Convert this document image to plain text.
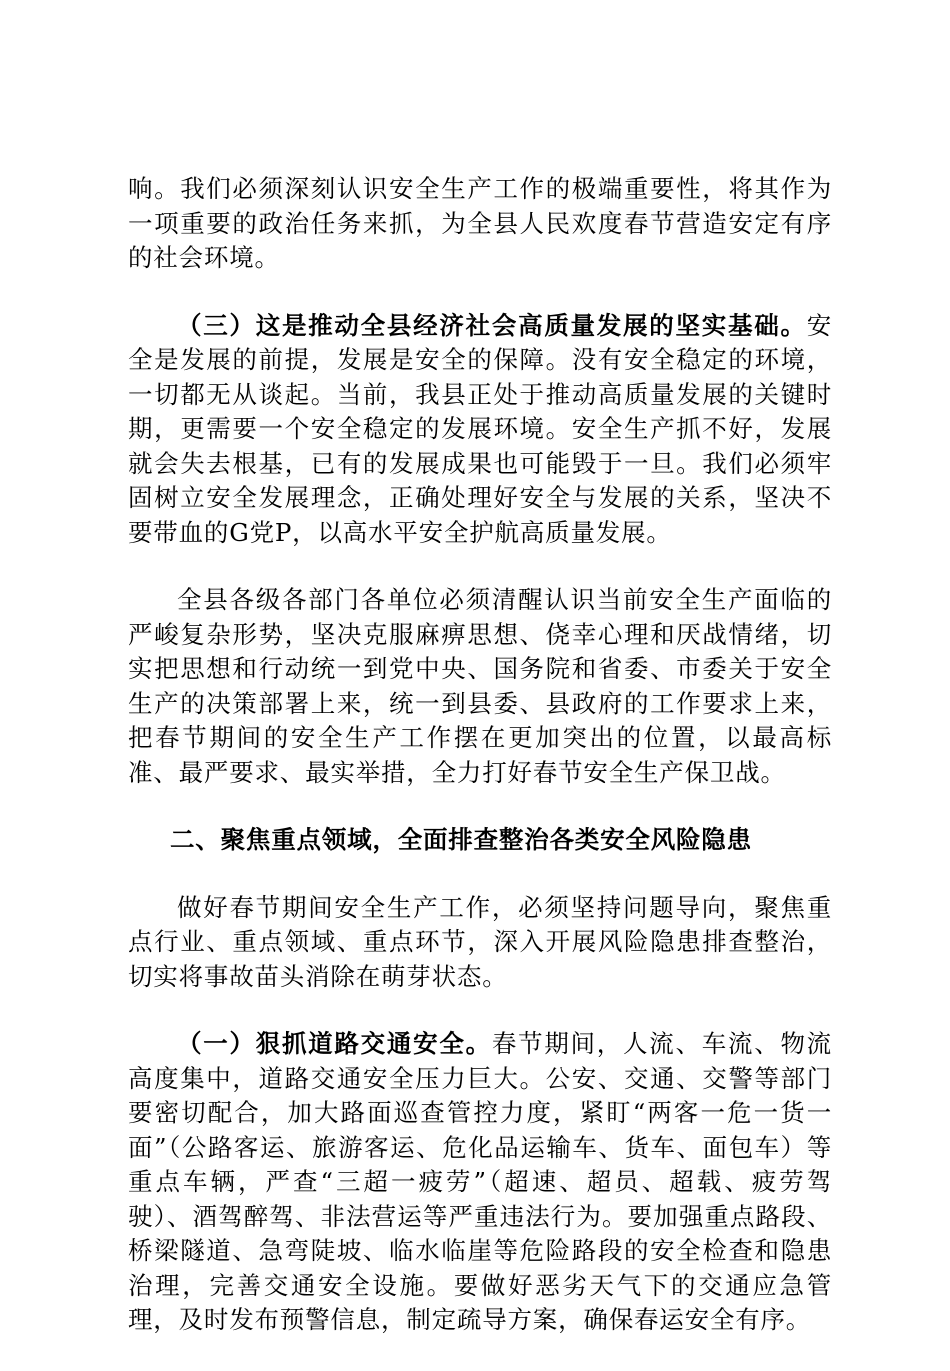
响。我们必须深刻认识安全生产工作的极端重要性，将其作为一项重要的政治任务来抓，为全县人民欢度春节营造安定有序的社会环境。

（三）这是推动全县经济社会高质量发展的坚实基础。安全是发展的前提，发展是安全的保障。没有安全稳定的环境，一切都无从谈起。当前，我县正处于推动高质量发展的关键时期，更需要一个安全稳定的发展环境。安全生产抓不好，发展就会失去根基，已有的发展成果也可能毁于一旦。我们必须牢固树立安全发展理念，正确处理好安全与发展的关系，坚决不要带血的G党P，以高水平安全护航高质量发展。

全县各级各部门各单位必须清醒认识当前安全生产面临的严峻复杂形势，坚决克服麻痹思想、侥幸心理和厌战情绪，切实把思想和行动统一到党中央、国务院和省委、市委关于安全生产的决策部署上来，统一到县委、县政府的工作要求上来，把春节期间的安全生产工作摆在更加突出的位置，以最高标准、最严要求、最实举措，全力打好春节安全生产保卫战。

二、聚焦重点领域，全面排查整治各类安全风险隐患

做好春节期间安全生产工作，必须坚持问题导向，聚焦重点行业、重点领域、重点环节，深入开展风险隐患排查整治，切实将事故苗头消除在萌芽状态。

（一）狠抓道路交通安全。春节期间，人流、车流、物流高度集中，道路交通安全压力巨大。公安、交通、交警等部门要密切配合，加大路面巡查管控力度，紧盯“两客一危一货一面”（公路客运、旅游客运、危化品运输车、货车、面包车）等重点车辆，严查“三超一疲劳”（超速、超员、超载、疲劳驾驶）、酒驾醉驾、非法营运等严重违法行为。要加强重点路段、桥梁隧道、急弯陡坡、临水临崖等危险路段的安全检查和隐患治理，完善交通安全设施。要做好恶劣天气下的交通应急管理，及时发布预警信息，制定疏导方案，确保春运安全有序。
